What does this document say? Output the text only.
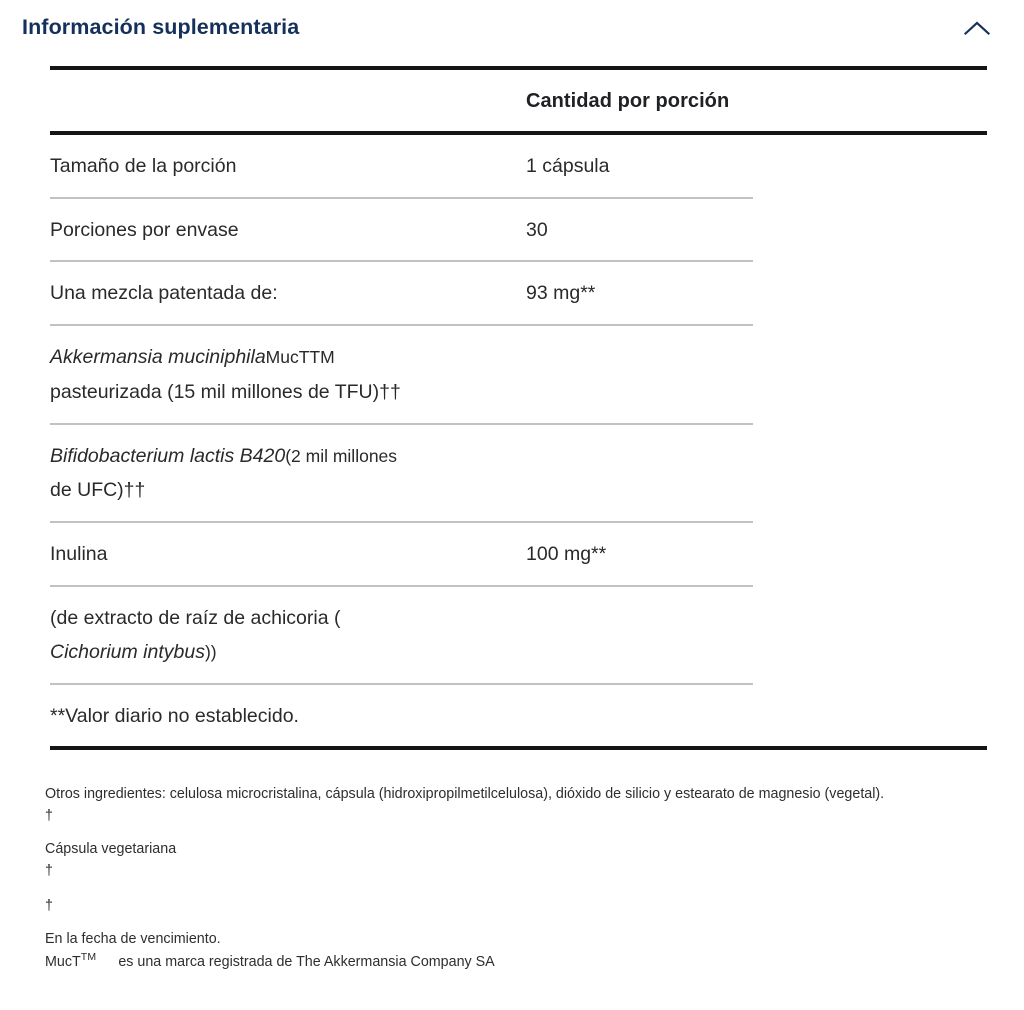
Información suplementaria
Cantidad por porción
Tamaño de la porción	1 cápsula
Porciones por envase	30
Una mezcla patentada de:	93 mg**
Akkermansia muciniphilaMucTTM
pasteurizada (15 mil millones de TFU)††
Bifidobacterium lactis B420(2 mil millones
de UFC)††
Inulina	100 mg**
(de extracto de raíz de achicoria (
Cichorium intybus))
**Valor diario no establecido.

Otros ingredientes: celulosa microcristalina, cápsula (hidroxipropilmetilcelulosa), dióxido de silicio y estearato de magnesio (vegetal).

†

Cápsula vegetariana

†

†

En la fecha de vencimiento.

MucT™ es una marca registrada de The Akkermansia Company SA
